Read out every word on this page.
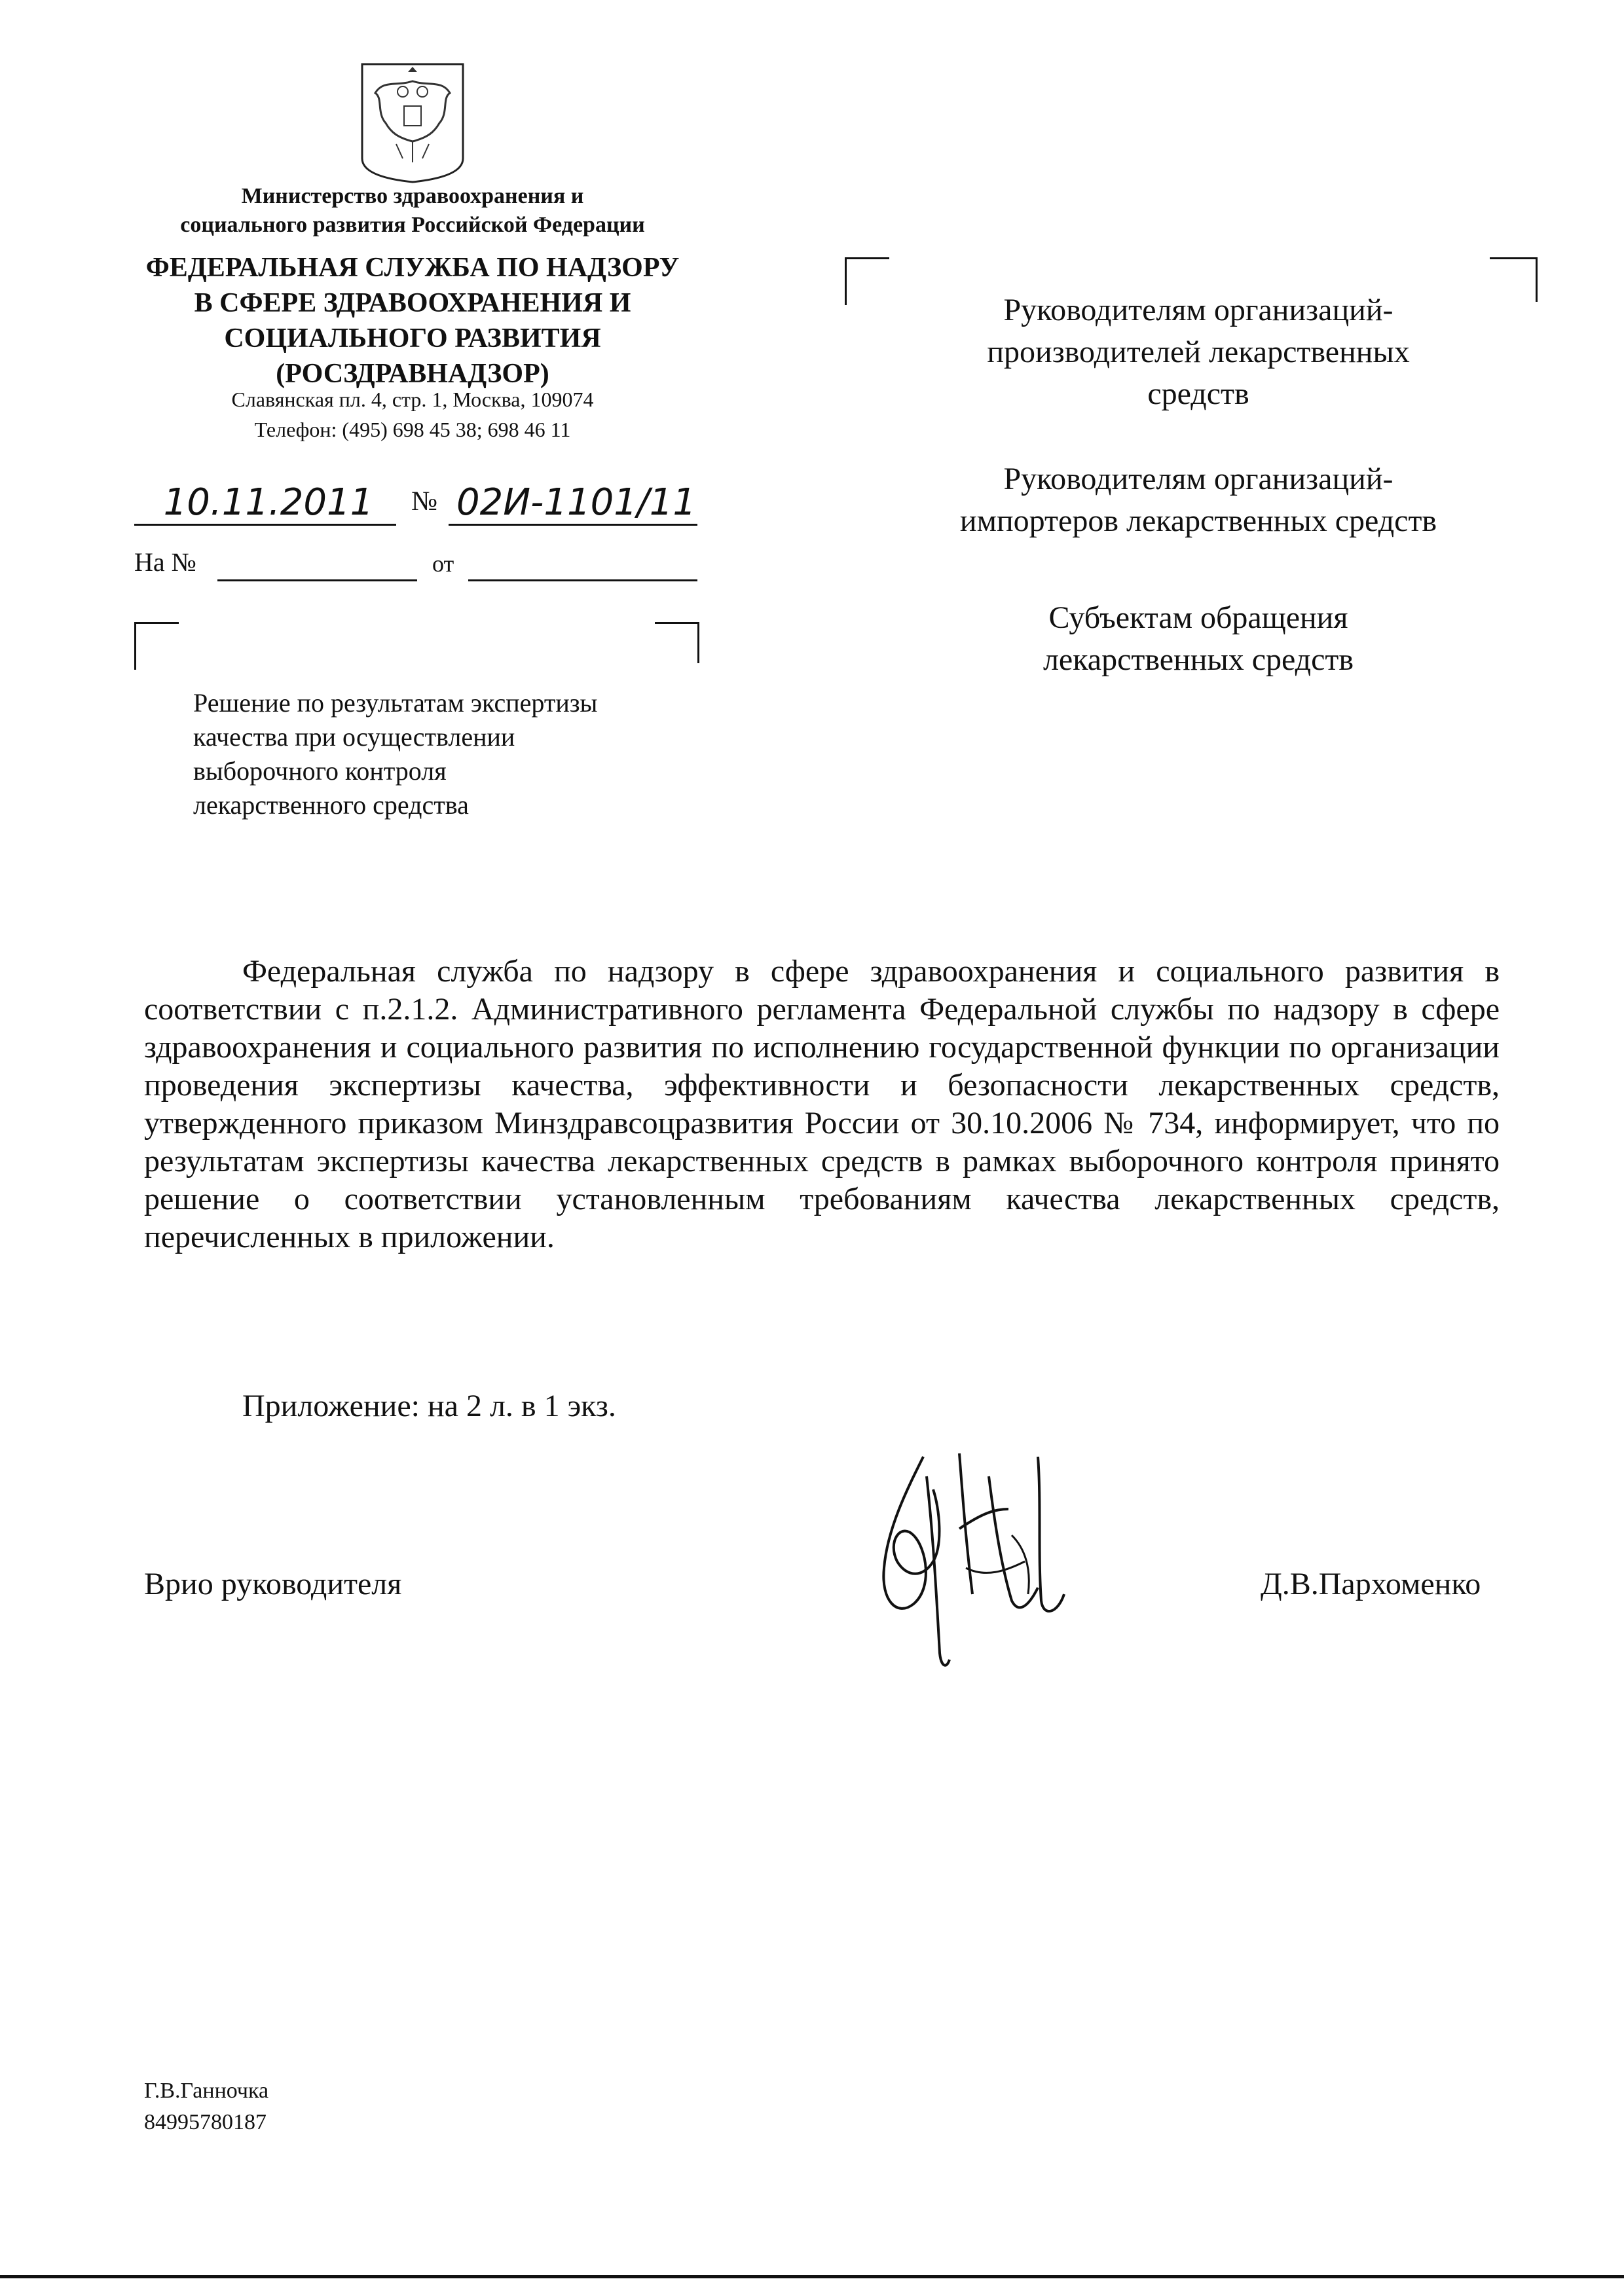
Министерство здравоохранения и
социального развития Российской Федерации
ФЕДЕРАЛЬНАЯ СЛУЖБА ПО НАДЗОРУ
В СФЕРЕ ЗДРАВООХРАНЕНИЯ И
СОЦИАЛЬНОГО РАЗВИТИЯ
(РОСЗДРАВНАДЗОР)
Славянская пл. 4, стр. 1, Москва, 109074
Телефон: (495) 698 45 38; 698 46 11
10.11.2011	№ 02И-1101/11
На №	от
Решение по результатам экспертизы
качества при осуществлении
выборочного контроля
лекарственного средства
Руководителям организаций-
производителей лекарственных
средств
Руководителям организаций-
импортеров лекарственных средств
Субъектам обращения
лекарственных средств

Федеральная служба по надзору в сфере здравоохранения и социального развития в соответствии с п.2.1.2. Административного регламента Федеральной службы по надзору в сфере здравоохранения и социального развития по исполнению государственной функции по организации проведения экспертизы качества, эффективности и безопасности лекарственных средств, утвержденного приказом Минздравсоцразвития России от 30.10.2006 № 734, информирует, что по результатам экспертизы качества лекарственных средств в рамках выборочного контроля принято решение о соответствии установленным требованиям качества лекарственных средств, перечисленных в приложении.

Приложение: на 2 л. в 1 экз.
Врио руководителя	Д.В.Пархоменко
Г.В.Ганночка
84995780187
